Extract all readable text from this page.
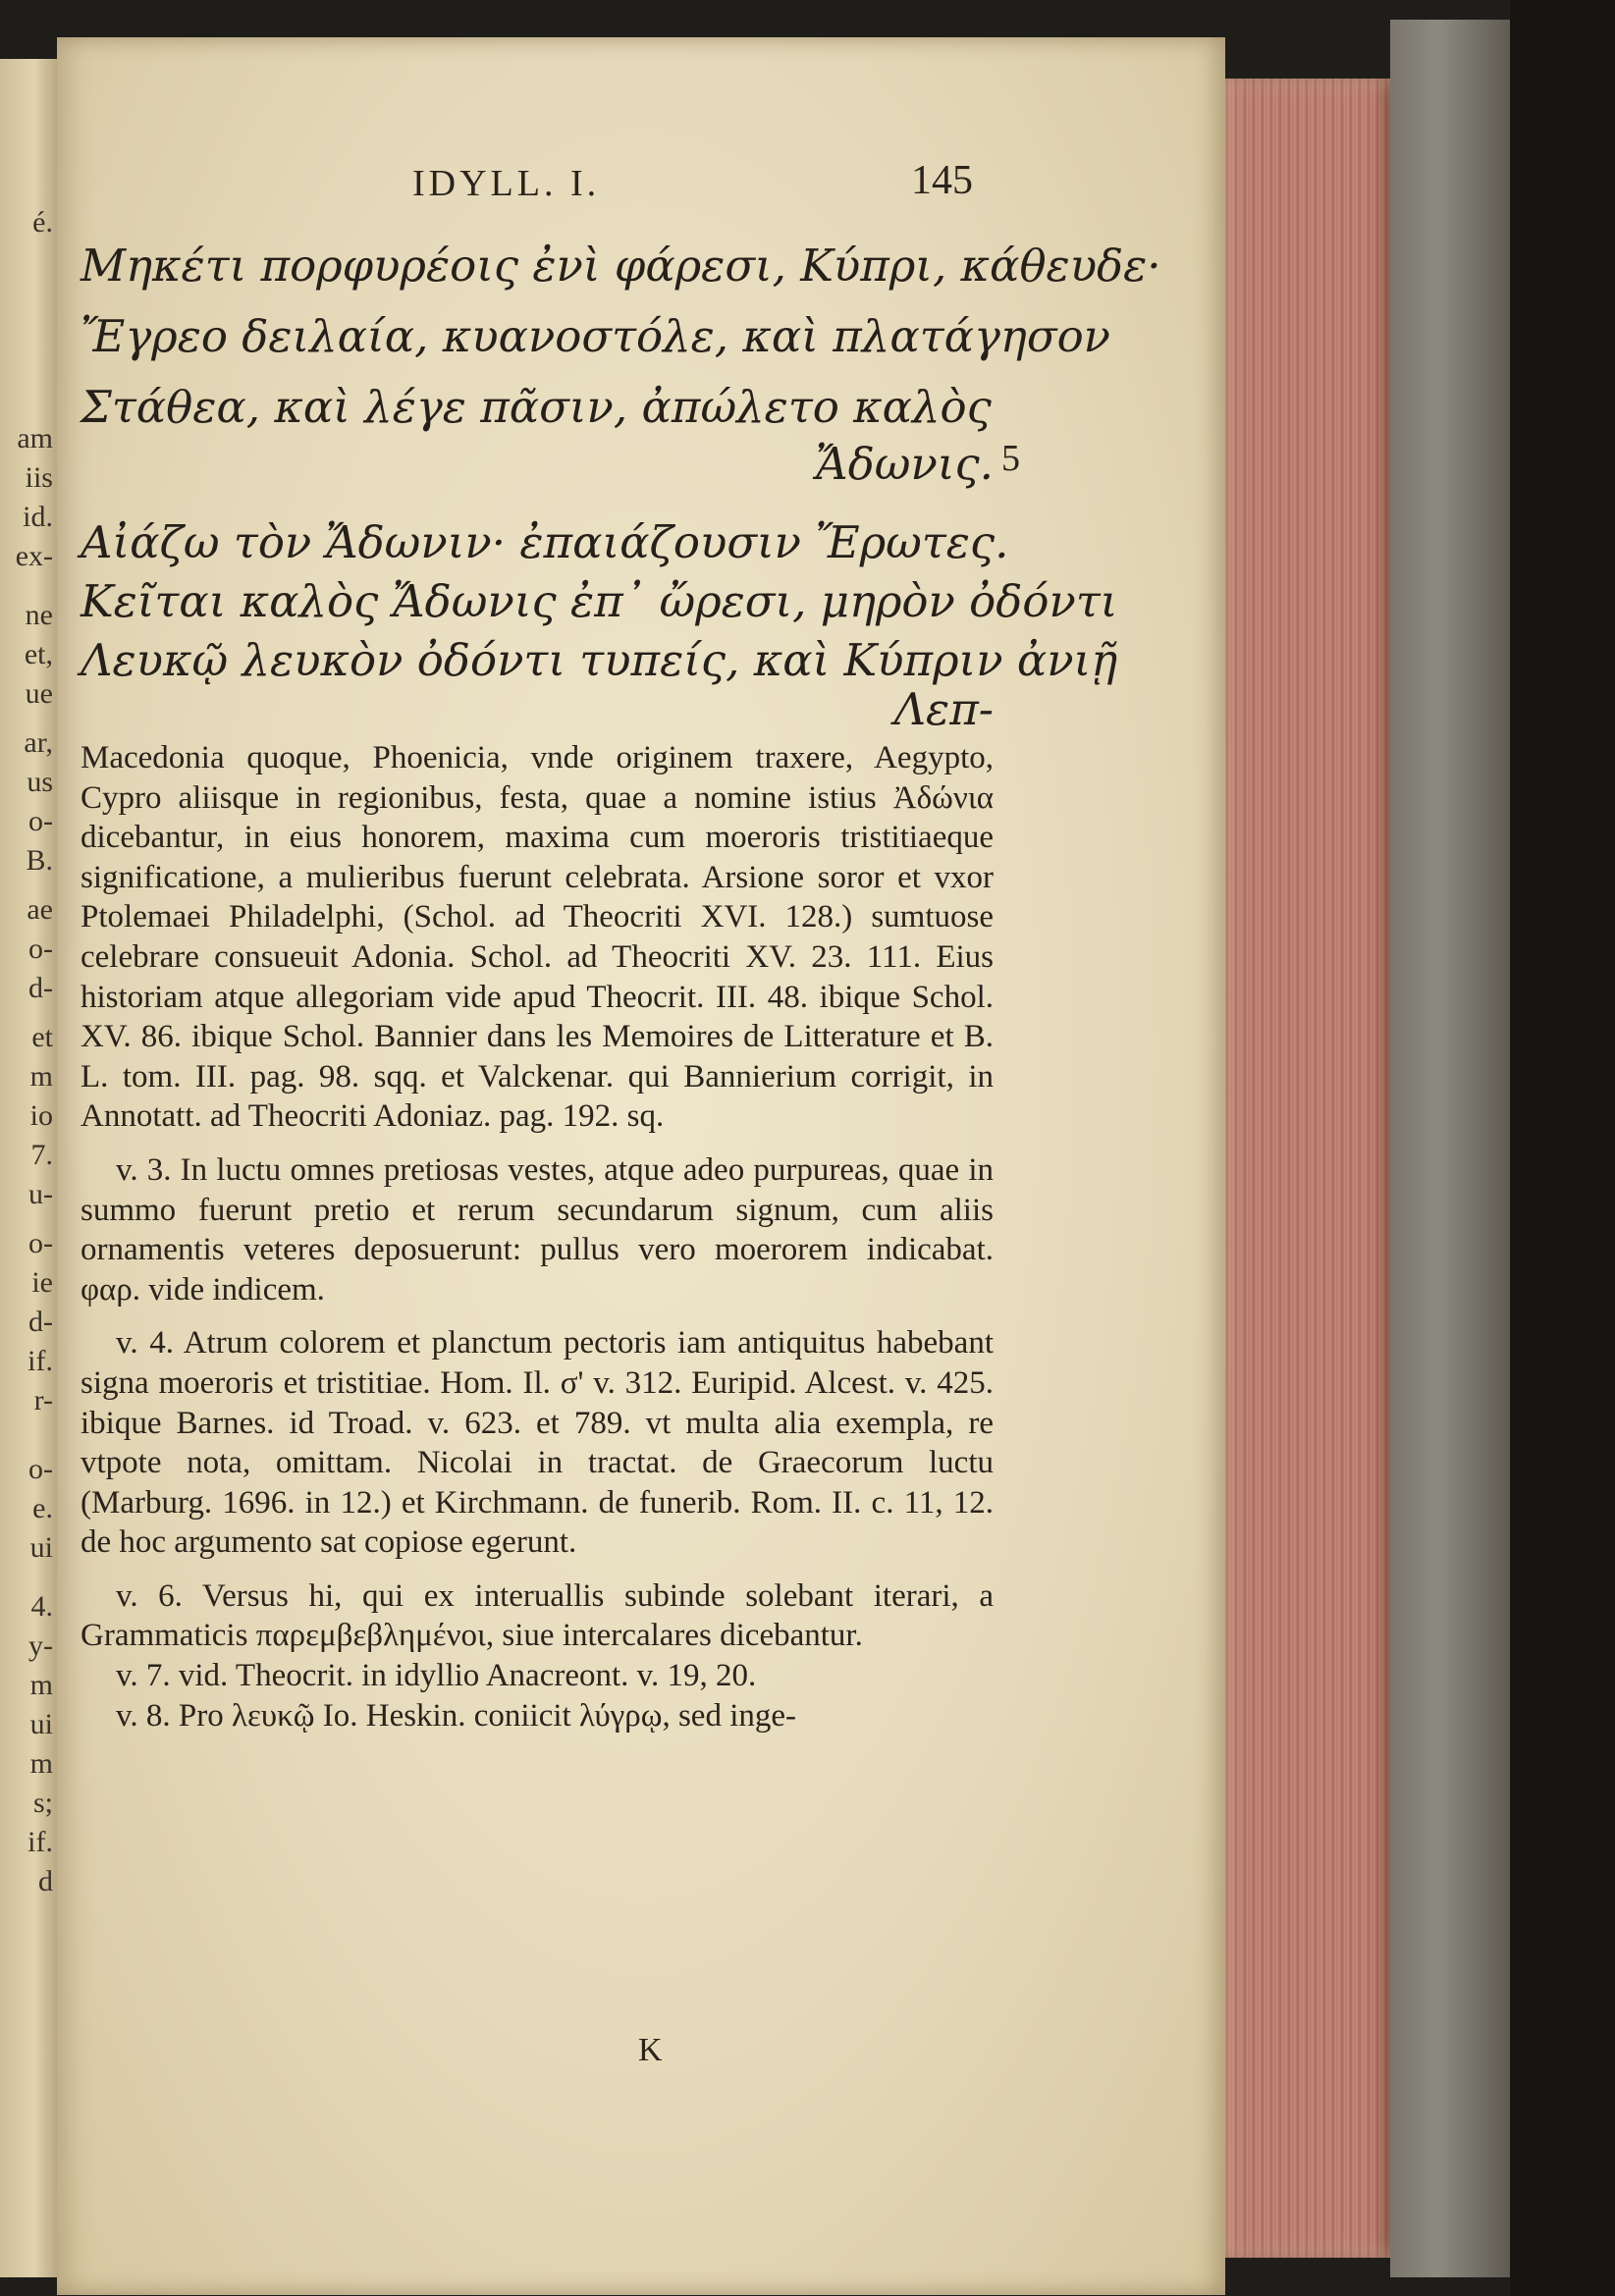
é.
am
iis
id.
ex-
ne
et,
ue
ar,
us
o-
B.
ae
o-
d-
et
m
io
7.
u-
o-
ie
d-
if.
r-
o-
e.
ui
4.
y-
m
ui
m
s;
if.
d
IDYLL. I.	145
Μηκέτι πορφυρέοις ἐνὶ φάρεσι, Κύπρι, κάθευδε·
Ἔγρεο δειλαία, κυανοστόλε, καὶ πλατάγησον
Στάθεα, καὶ λέγε πᾶσιν, ἀπώλετο καλὸς
Ἄδωνις.
Αἰάζω τὸν Ἄδωνιν· ἐπαιάζουσιν Ἔρωτες.
Κεῖται καλὸς Ἄδωνις ἐπ᾽ ὤρεσι, μηρὸν ὀδόντι
Λευκῷ λευκὸν ὀδόντι τυπείς, καὶ Κύπριν ἀνιῇ
Λεπ-
5

Macedonia quoque, Phoenicia, vnde originem traxere, Aegypto, Cypro aliisque in regionibus, festa, quae a nomine istius Ἀδώνια dicebantur, in eius honorem, maxima cum moeroris tristitiaeque significatione, a mulieribus fuerunt celebrata. Arsione soror et vxor Ptolemaei Philadelphi, (Schol. ad Theocriti XVI. 128.) sumtuose celebrare consueuit Adonia. Schol. ad Theocriti XV. 23. 111. Eius historiam atque allegoriam vide apud Theocrit. III. 48. ibique Schol. XV. 86. ibique Schol. Bannier dans les Memoires de Litterature et B. L. tom. III. pag. 98. sqq. et Valckenar. qui Bannierium corrigit, in Annotatt. ad Theocriti Adoniaz. pag. 192. sq.

v. 3. In luctu omnes pretiosas vestes, atque adeo purpureas, quae in summo fuerunt pretio et rerum secundarum signum, cum aliis ornamentis veteres deposuerunt: pullus vero moerorem indicabat. φαρ. vide indicem.

v. 4. Atrum colorem et planctum pectoris iam antiquitus habebant signa moeroris et tristitiae. Hom. Il. σ' v. 312. Euripid. Alcest. v. 425. ibique Barnes. id Troad. v. 623. et 789. vt multa alia exempla, re vtpote nota, omittam. Nicolai in tractat. de Graecorum luctu (Marburg. 1696. in 12.) et Kirchmann. de funerib. Rom. II. c. 11, 12. de hoc argumento sat copiose egerunt.

v. 6. Versus hi, qui ex interuallis subinde solebant iterari, a Grammaticis παρεμβεβλημένοι, siue intercalares dicebantur.

v. 7. vid. Theocrit. in idyllio Anacreont. v. 19, 20.

v. 8. Pro λευκῷ Io. Heskin. coniicit λύγρῳ, sed inge-

K
